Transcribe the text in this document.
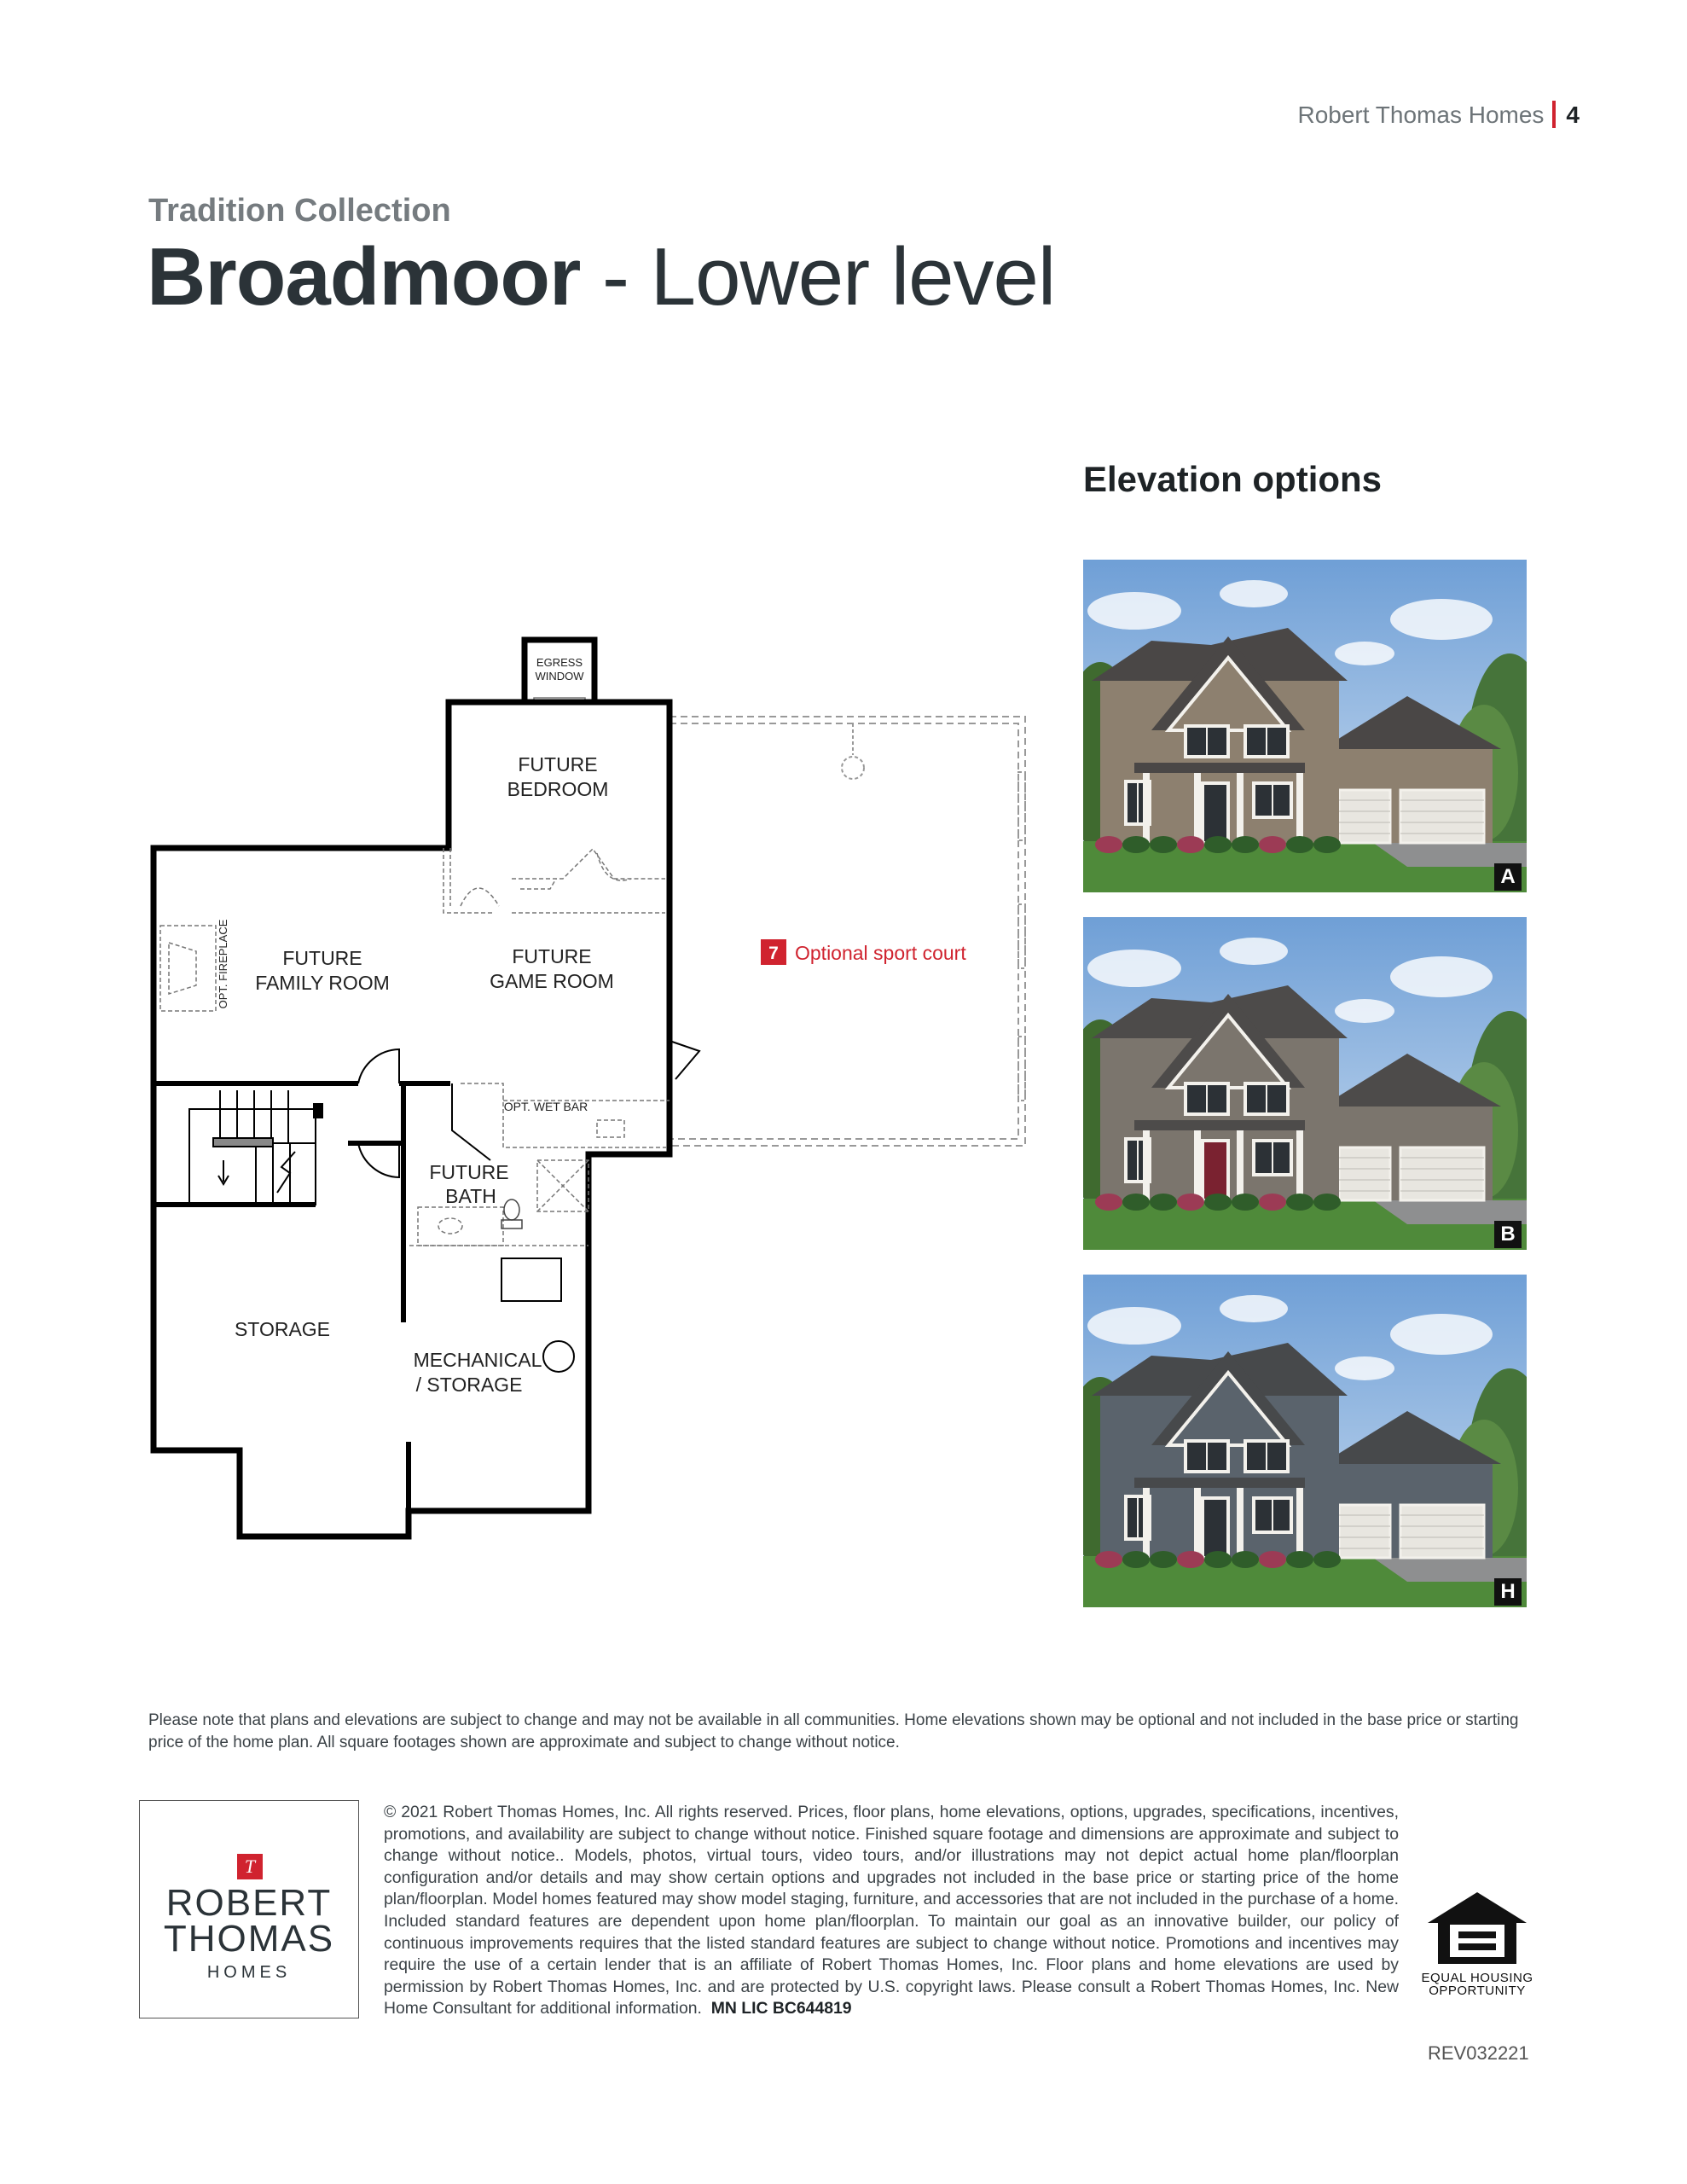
Robert Thomas Homes 4
Tradition Collection
Broadmoor - Lower level
Elevation options
A
B
H
EGRESS
WINDOW
FUTURE
BEDROOM
FUTURE
FAMILY ROOM
FUTURE
GAME ROOM
FUTURE
BATH
STORAGE
MECHANICAL
/ STORAGE
OPT. WET BAR
OPT. FIREPLACE	7 Optional sport court
Please note that plans and elevations are subject to change and may not be available in all communities. Home elevations shown may be optional and not included in the base price or starting price of the home plan. All square footages shown are approximate and subject to change without notice.
T
ROBERT
THOMAS
HOMES
© 2021 Robert Thomas Homes, Inc. All rights reserved. Prices, floor plans, home elevations, options, upgrades, specifications, incentives, promotions, and availability are subject to change without notice. Finished square footage and dimensions are approximate and subject to change without notice.. Models, photos, virtual tours, video tours, and/or illustrations may not depict actual home plan/floorplan configuration and/or details and may show certain options and upgrades not included in the base price or starting price of the home plan/floorplan. Model homes featured may show model staging, furniture, and accessories that are not included in the purchase of a home. Included standard features are dependent upon home plan/floorplan. To maintain our goal as an innovative builder, our policy of continuous improvements requires that the listed standard features are subject to change without notice. Promotions and incentives may require the use of a certain lender that is an affiliate of Robert Thomas Homes, Inc. Floor plans and home elevations are used by permission by Robert Thomas Homes, Inc. and are protected by U.S. copyright laws. Please consult a Robert Thomas Homes, Inc. New Home Consultant for additional information. MN LIC BC644819
EQUAL HOUSING
OPPORTUNITY
REV032221
